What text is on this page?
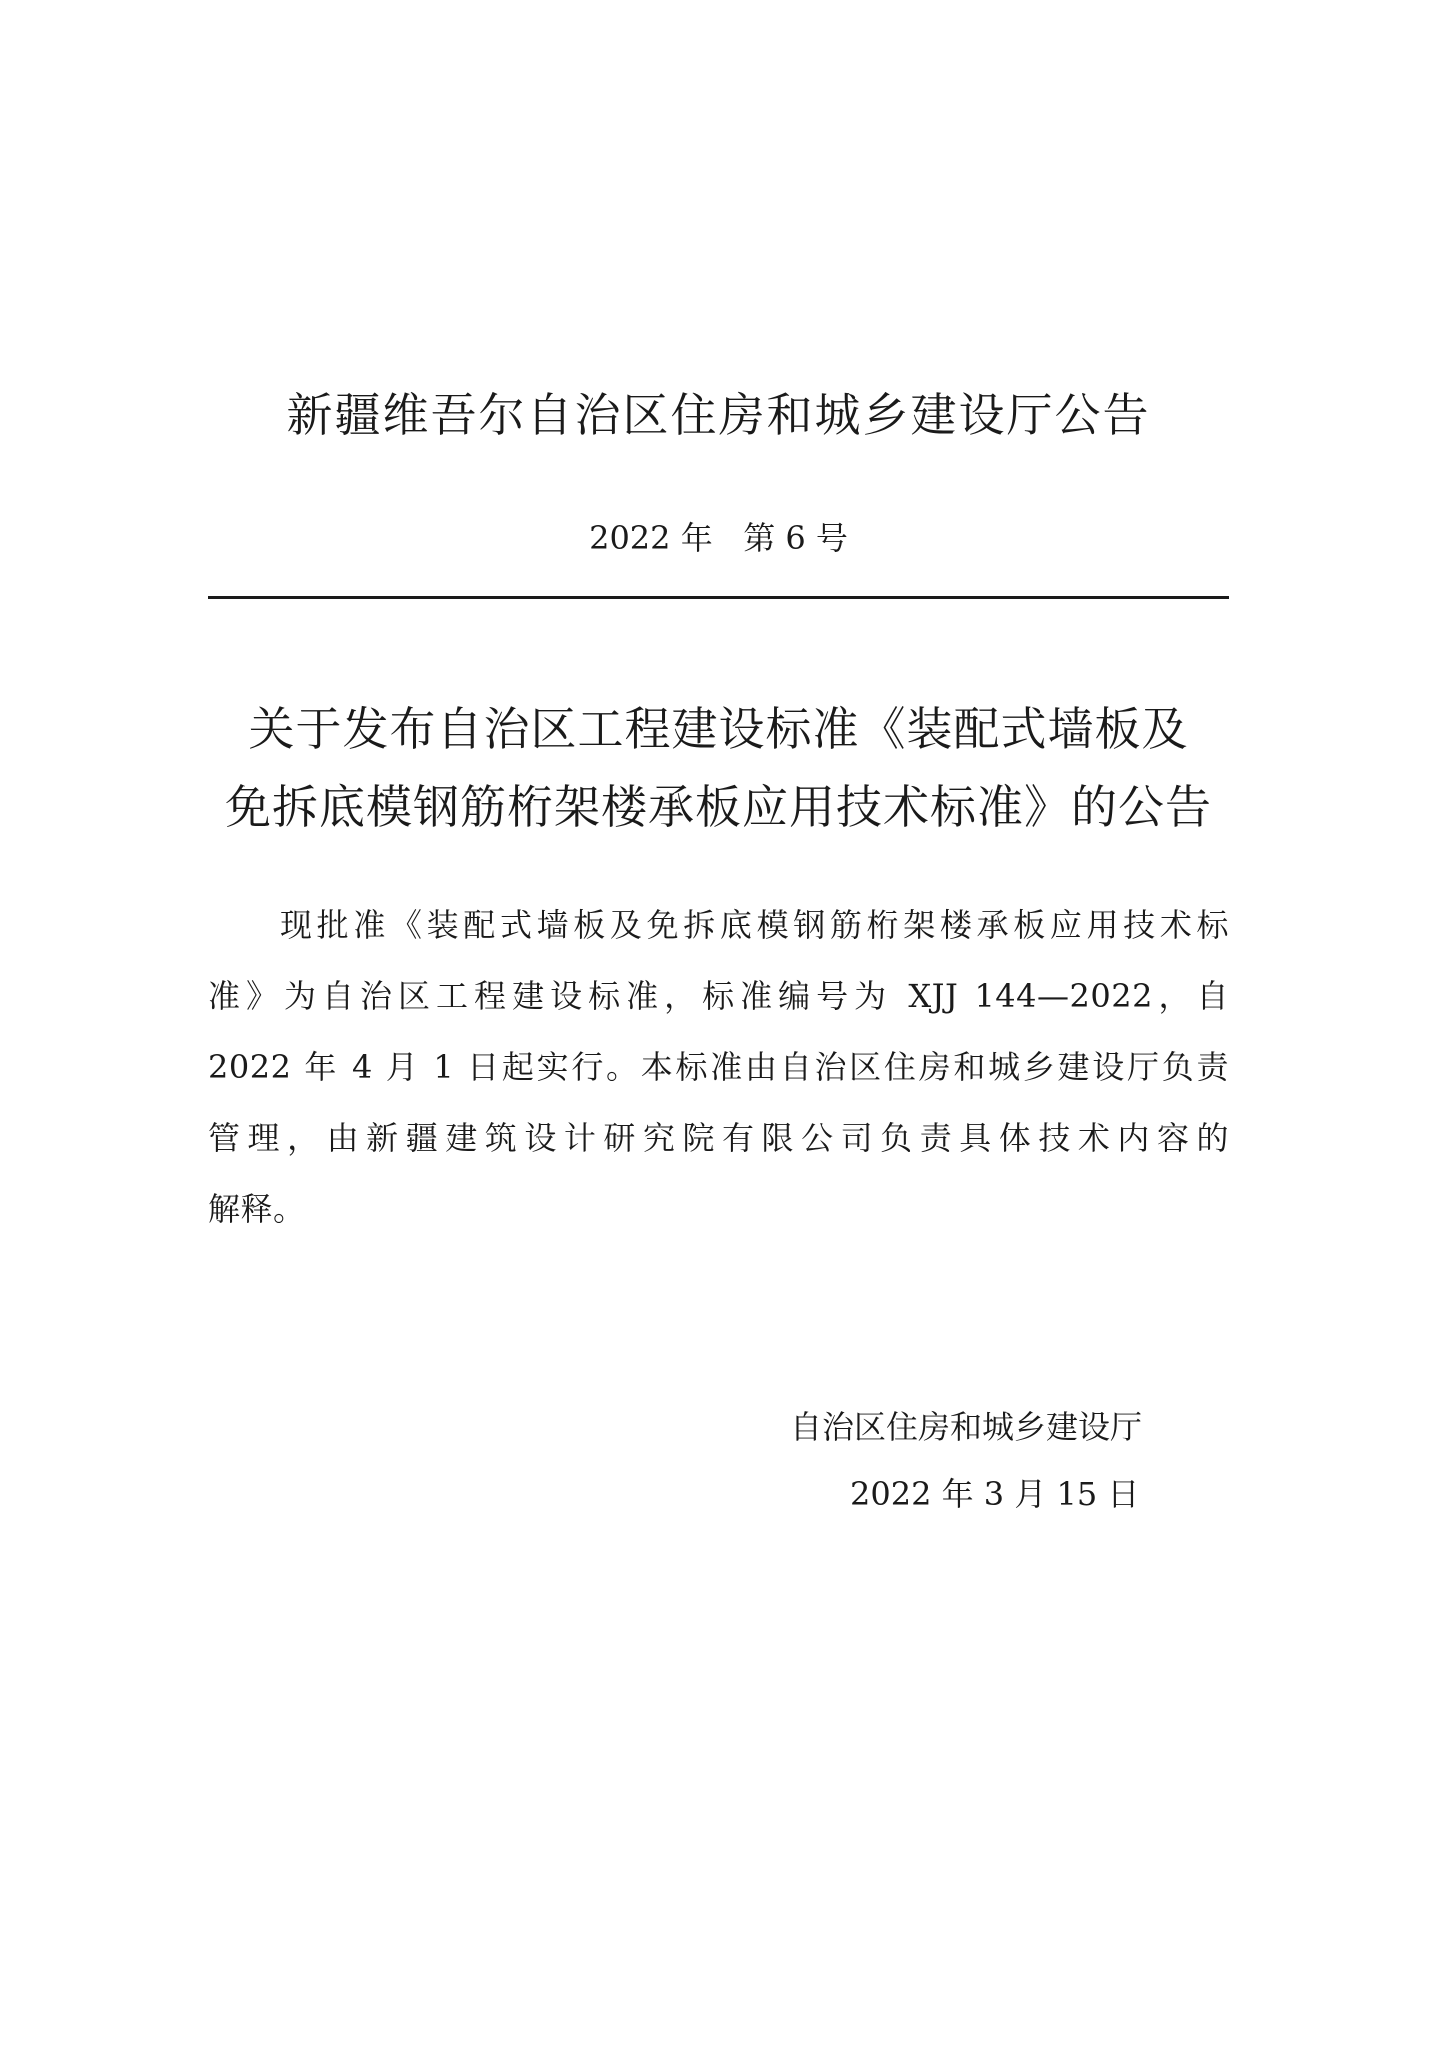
新疆维吾尔自治区住房和城乡建设厅公告
2022 年   第 6 号
关于发布自治区工程建设标准《装配式墙板及
免拆底模钢筋桁架楼承板应用技术标准》的公告
现批准《装配式墙板及免拆底模钢筋桁架楼承板应用技术标
准》为自治区工程建设标准，标准编号为 XJJ 144—2022，自
2022 年 4 月 1 日起实行。本标准由自治区住房和城乡建设厅负责
管理，由新疆建筑设计研究院有限公司负责具体技术内容的
解释。
自治区住房和城乡建设厅
2022 年 3 月 15 日
